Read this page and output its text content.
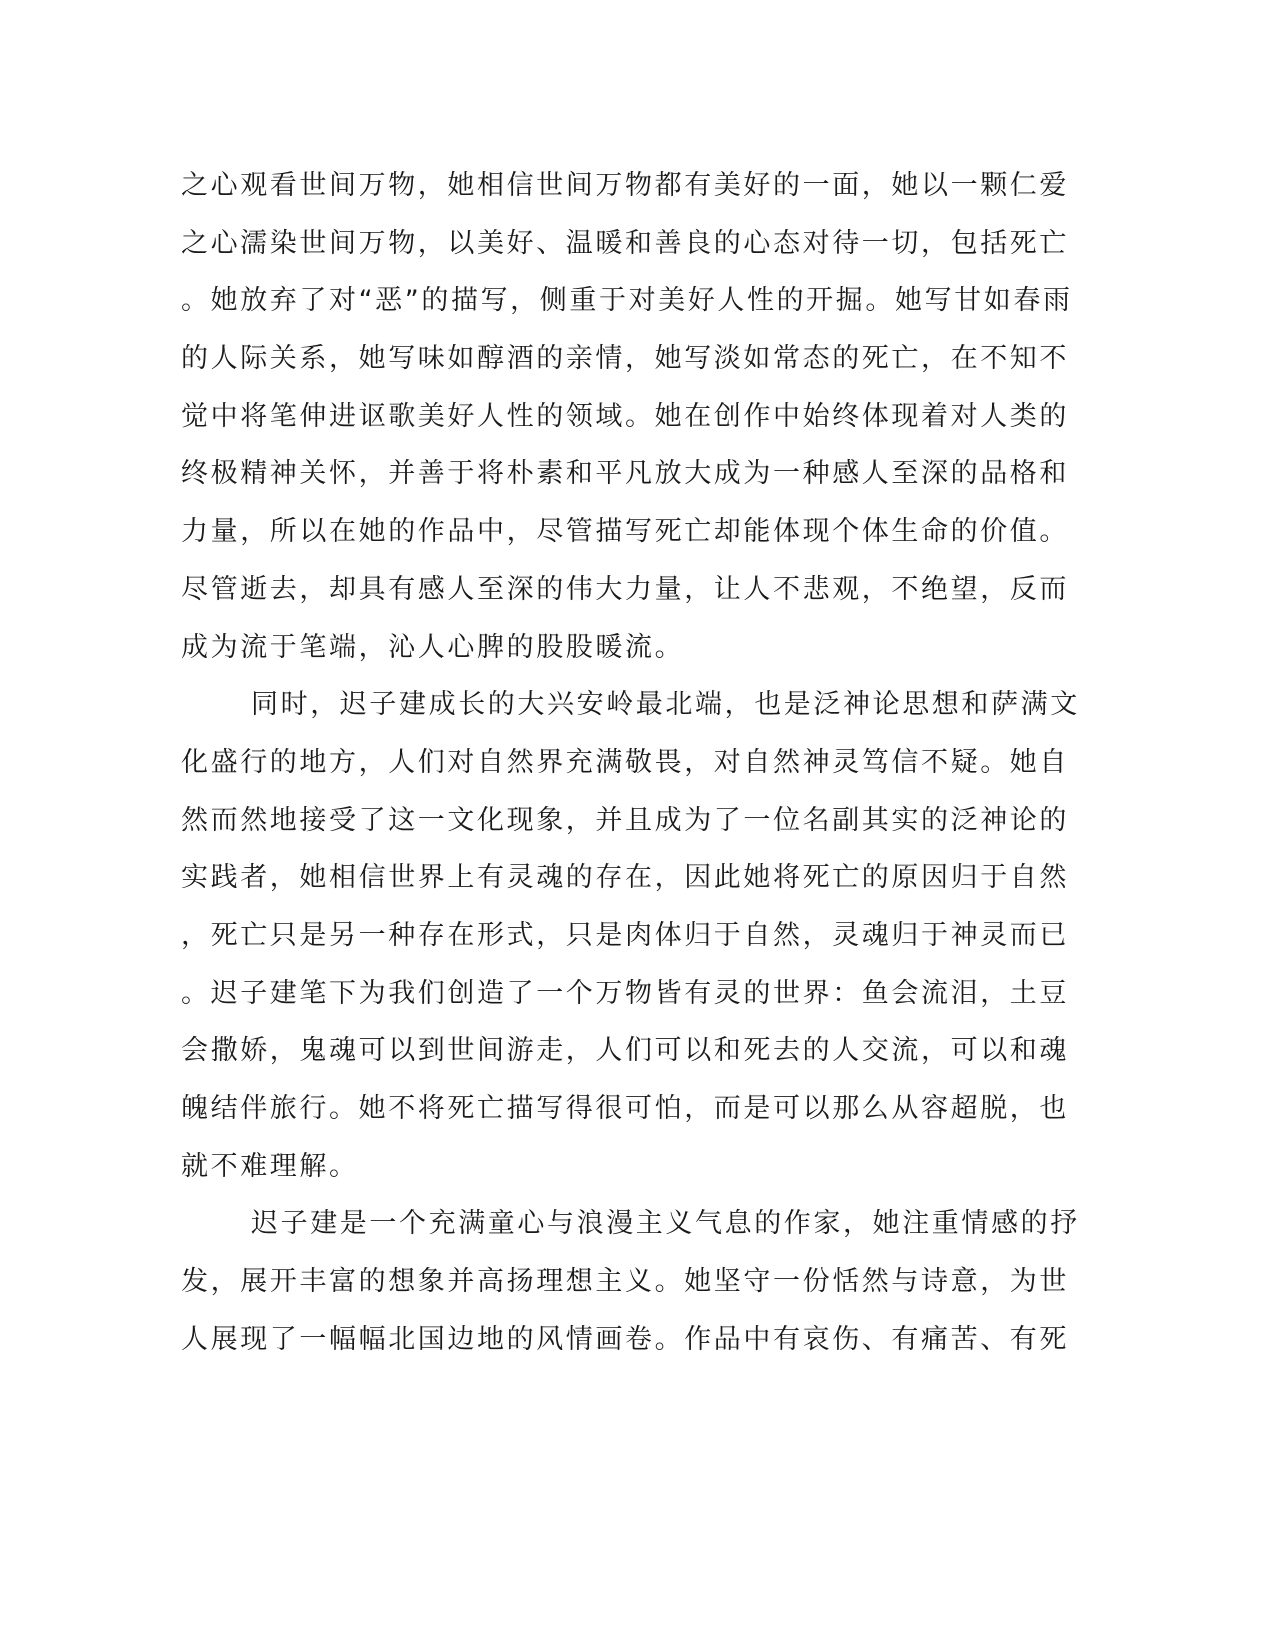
之心观看世间万物，她相信世间万物都有美好的一面，她以一颗仁爱
之心濡染世间万物，以美好、温暖和善良的心态对待一切，包括死亡
。她放弃了对“恶”的描写，侧重于对美好人性的开掘。她写甘如春雨
的人际关系，她写味如醇酒的亲情，她写淡如常态的死亡，在不知不
觉中将笔伸进讴歌美好人性的领域。她在创作中始终体现着对人类的
终极精神关怀，并善于将朴素和平凡放大成为一种感人至深的品格和
力量，所以在她的作品中，尽管描写死亡却能体现个体生命的价值。
尽管逝去，却具有感人至深的伟大力量，让人不悲观，不绝望，反而
成为流于笔端，沁人心脾的股股暖流。
同时，迟子建成长的大兴安岭最北端，也是泛神论思想和萨满文
化盛行的地方，人们对自然界充满敬畏，对自然神灵笃信不疑。她自
然而然地接受了这一文化现象，并且成为了一位名副其实的泛神论的
实践者，她相信世界上有灵魂的存在，因此她将死亡的原因归于自然
，死亡只是另一种存在形式，只是肉体归于自然，灵魂归于神灵而已
。迟子建笔下为我们创造了一个万物皆有灵的世界：鱼会流泪，土豆
会撒娇，鬼魂可以到世间游走，人们可以和死去的人交流，可以和魂
魄结伴旅行。她不将死亡描写得很可怕，而是可以那么从容超脱，也
就不难理解。
迟子建是一个充满童心与浪漫主义气息的作家，她注重情感的抒
发，展开丰富的想象并高扬理想主义。她坚守一份恬然与诗意，为世
人展现了一幅幅北国边地的风情画卷。作品中有哀伤、有痛苦、有死
